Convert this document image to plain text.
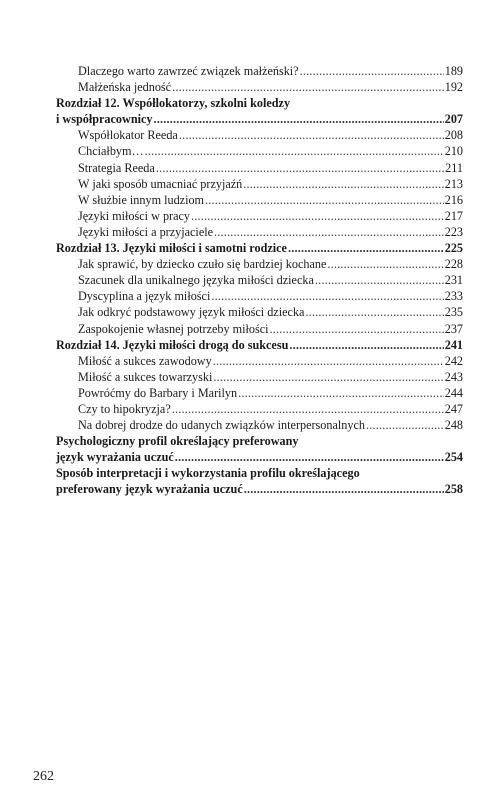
Dlaczego warto zawrzeć związek małżeński? .....	189
Małżeńska jedność .....	192
Rozdział 12. Współlokatorzy, szkolni koledzy
i współpracownicy .....	207
Współlokator Reeda .....	208
Chciałbym… .....	210
Strategia Reeda .....	211
W jaki sposób umacniać przyjaźń .....	213
W służbie innym ludziom .....	216
Języki miłości w pracy .....	217
Języki miłości a przyjaciele .....	223
Rozdział 13. Języki miłości i samotni rodzice .....	225
Jak sprawić, by dziecko czuło się bardziej kochane .....	228
Szacunek dla unikalnego języka miłości dziecka .....	231
Dyscyplina a język miłości .....	233
Jak odkryć podstawowy język miłości dziecka .....	235
Zaspokojenie własnej potrzeby miłości .....	237
Rozdział 14. Języki miłości drogą do sukcesu .....	241
Miłość a sukces zawodowy .....	242
Miłość a sukces towarzyski .....	243
Powróćmy do Barbary i Marilyn .....	244
Czy to hipokryzja? .....	247
Na dobrej drodze do udanych związków interpersonalnych .....	248
Psychologiczny profil określający preferowany
język wyrażania uczuć .....	254
Sposób interpretacji i wykorzystania profilu określającego
preferowany język wyrażania uczuć .....	258
262
